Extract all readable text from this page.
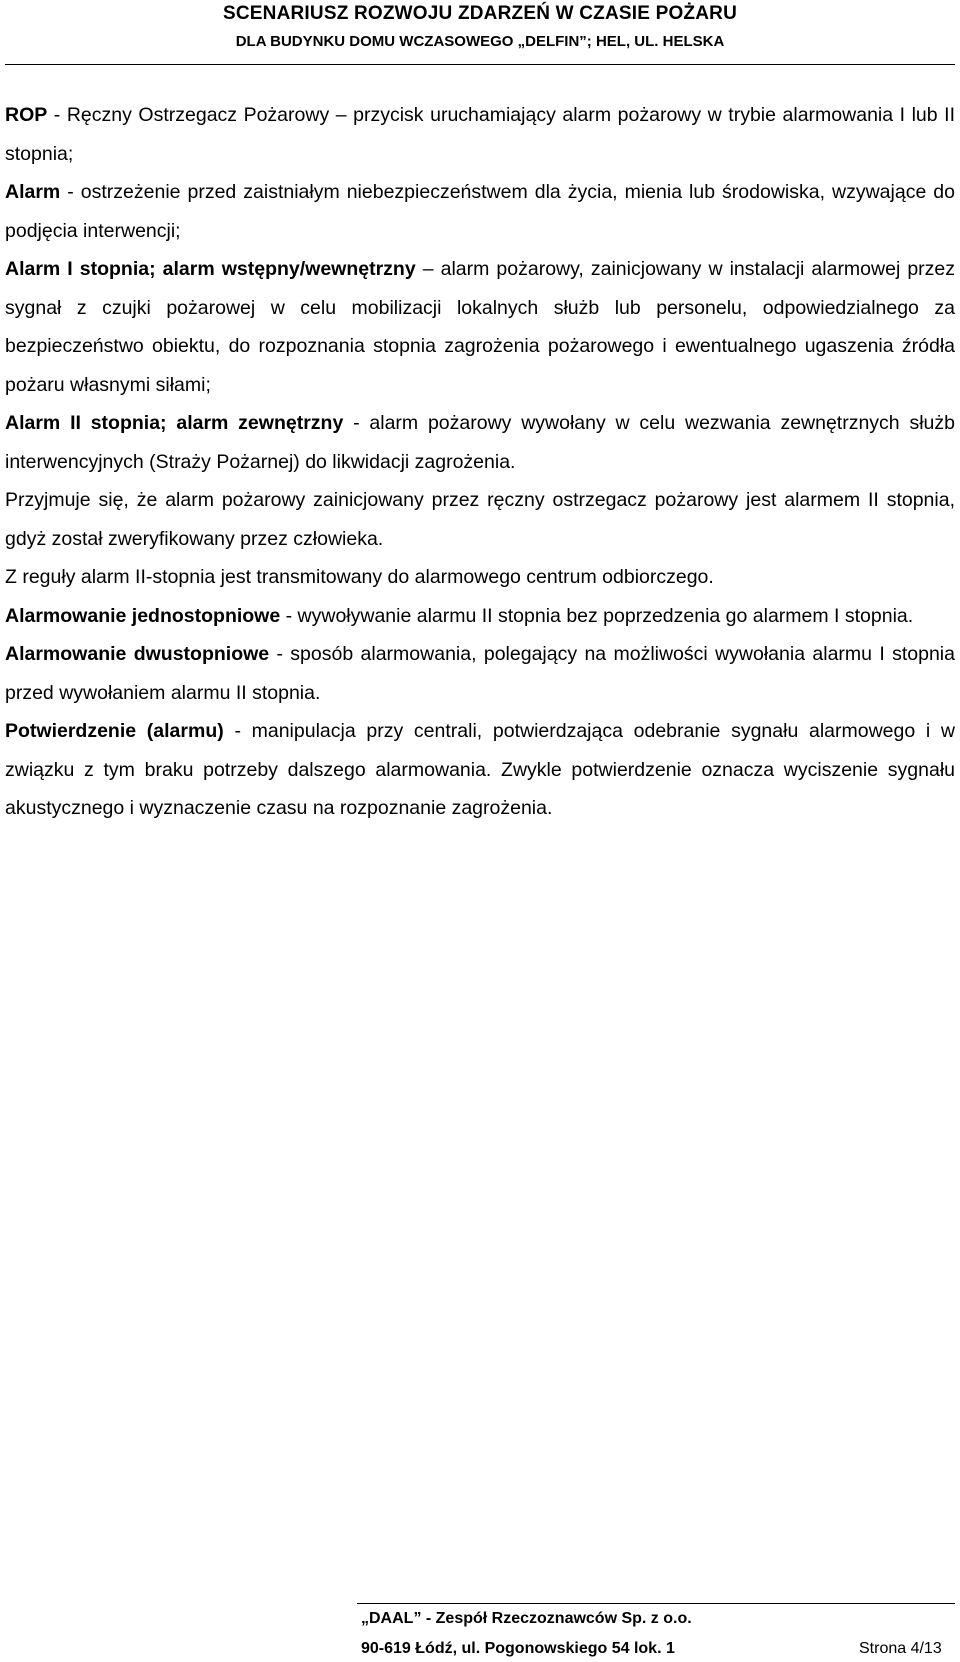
SCENARIUSZ ROZWOJU ZDARZEŃ W CZASIE POŻARU
DLA BUDYNKU DOMU WCZASOWEGO „DELFIN”; HEL, UL. HELSKA

ROP - Ręczny Ostrzegacz Pożarowy – przycisk uruchamiający alarm pożarowy w trybie alarmowania I lub II stopnia;

Alarm - ostrzeżenie przed zaistniałym niebezpieczeństwem dla życia, mienia lub środowiska, wzywające do podjęcia interwencji;

Alarm I stopnia; alarm wstępny/wewnętrzny – alarm pożarowy, zainicjowany w instalacji alarmowej przez sygnał z czujki pożarowej w celu mobilizacji lokalnych służb lub personelu, odpowiedzialnego za bezpieczeństwo obiektu, do rozpoznania stopnia zagrożenia pożarowego i ewentualnego ugaszenia źródła pożaru własnymi siłami;

Alarm II stopnia; alarm zewnętrzny - alarm pożarowy wywołany w celu wezwania zewnętrznych służb interwencyjnych (Straży Pożarnej) do likwidacji zagrożenia.

Przyjmuje się, że alarm pożarowy zainicjowany przez ręczny ostrzegacz pożarowy jest alarmem II stopnia, gdyż został zweryfikowany przez człowieka.

Z reguły alarm II-stopnia jest transmitowany do alarmowego centrum odbiorczego.

Alarmowanie jednostopniowe - wywoływanie alarmu II stopnia bez poprzedzenia go alarmem I stopnia.

Alarmowanie dwustopniowe - sposób alarmowania, polegający na możliwości wywołania alarmu I stopnia przed wywołaniem alarmu II stopnia.

Potwierdzenie (alarmu) - manipulacja przy centrali, potwierdzająca odebranie sygnału alarmowego i w związku z tym braku potrzeby dalszego alarmowania. Zwykle potwierdzenie oznacza wyciszenie sygnału akustycznego i wyznaczenie czasu na rozpoznanie zagrożenia.

„DAAL” - Zespół Rzeczoznawców Sp. z o.o.
90-619 Łódź, ul. Pogonowskiego 54 lok. 1	Strona 4/13
